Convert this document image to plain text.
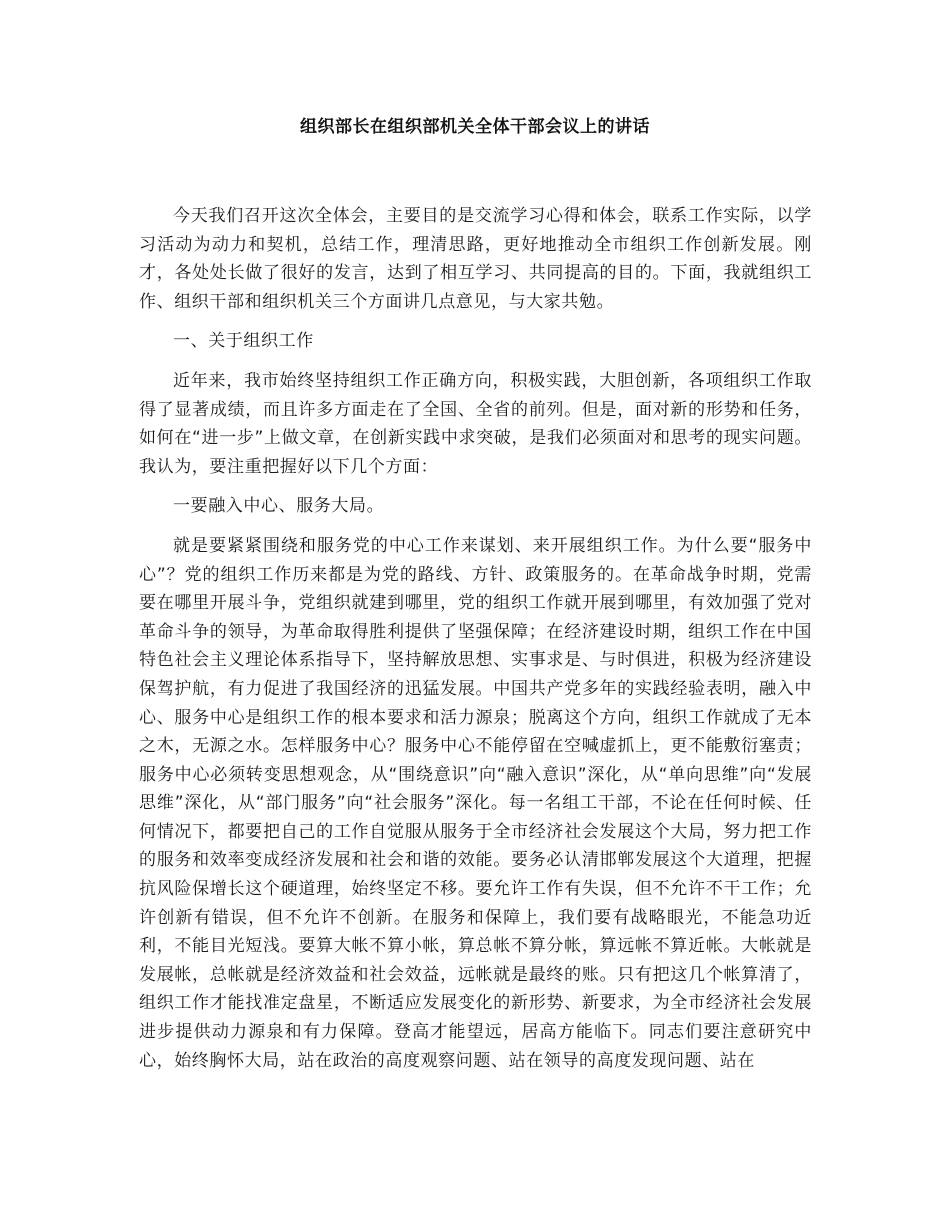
组织部长在组织部机关全体干部会议上的讲话

今天我们召开这次全体会，主要目的是交流学习心得和体会，联系工作实际，以学习活动为动力和契机，总结工作，理清思路，更好地推动全市组织工作创新发展。刚才，各处处长做了很好的发言，达到了相互学习、共同提高的目的。下面，我就组织工作、组织干部和组织机关三个方面讲几点意见，与大家共勉。

一、关于组织工作

近年来，我市始终坚持组织工作正确方向，积极实践，大胆创新，各项组织工作取得了显著成绩，而且许多方面走在了全国、全省的前列。但是，面对新的形势和任务，如何在“进一步”上做文章，在创新实践中求突破，是我们必须面对和思考的现实问题。我认为，要注重把握好以下几个方面：

一要融入中心、服务大局。

就是要紧紧围绕和服务党的中心工作来谋划、来开展组织工作。为什么要“服务中心”？党的组织工作历来都是为党的路线、方针、政策服务的。在革命战争时期，党需要在哪里开展斗争，党组织就建到哪里，党的组织工作就开展到哪里，有效加强了党对革命斗争的领导，为革命取得胜利提供了坚强保障；在经济建设时期，组织工作在中国特色社会主义理论体系指导下，坚持解放思想、实事求是、与时俱进，积极为经济建设保驾护航，有力促进了我国经济的迅猛发展。中国共产党多年的实践经验表明，融入中心、服务中心是组织工作的根本要求和活力源泉；脱离这个方向，组织工作就成了无本之木，无源之水。怎样服务中心？服务中心不能停留在空喊虚抓上，更不能敷衍塞责；服务中心必须转变思想观念，从“围绕意识”向“融入意识”深化，从“单向思维”向“发展思维”深化，从“部门服务”向“社会服务”深化。每一名组工干部，不论在任何时候、任何情况下，都要把自己的工作自觉服从服务于全市经济社会发展这个大局，努力把工作的服务和效率变成经济发展和社会和谐的效能。要务必认清邯郸发展这个大道理，把握抗风险保增长这个硬道理，始终坚定不移。要允许工作有失误，但不允许不干工作；允许创新有错误，但不允许不创新。在服务和保障上，我们要有战略眼光，不能急功近利，不能目光短浅。要算大帐不算小帐，算总帐不算分帐，算远帐不算近帐。大帐就是发展帐，总帐就是经济效益和社会效益，远帐就是最终的账。只有把这几个帐算清了，组织工作才能找准定盘星，不断适应发展变化的新形势、新要求，为全市经济社会发展进步提供动力源泉和有力保障。登高才能望远，居高方能临下。同志们要注意研究中心，始终胸怀大局，站在政治的高度观察问题、站在领导的高度发现问题、站在
